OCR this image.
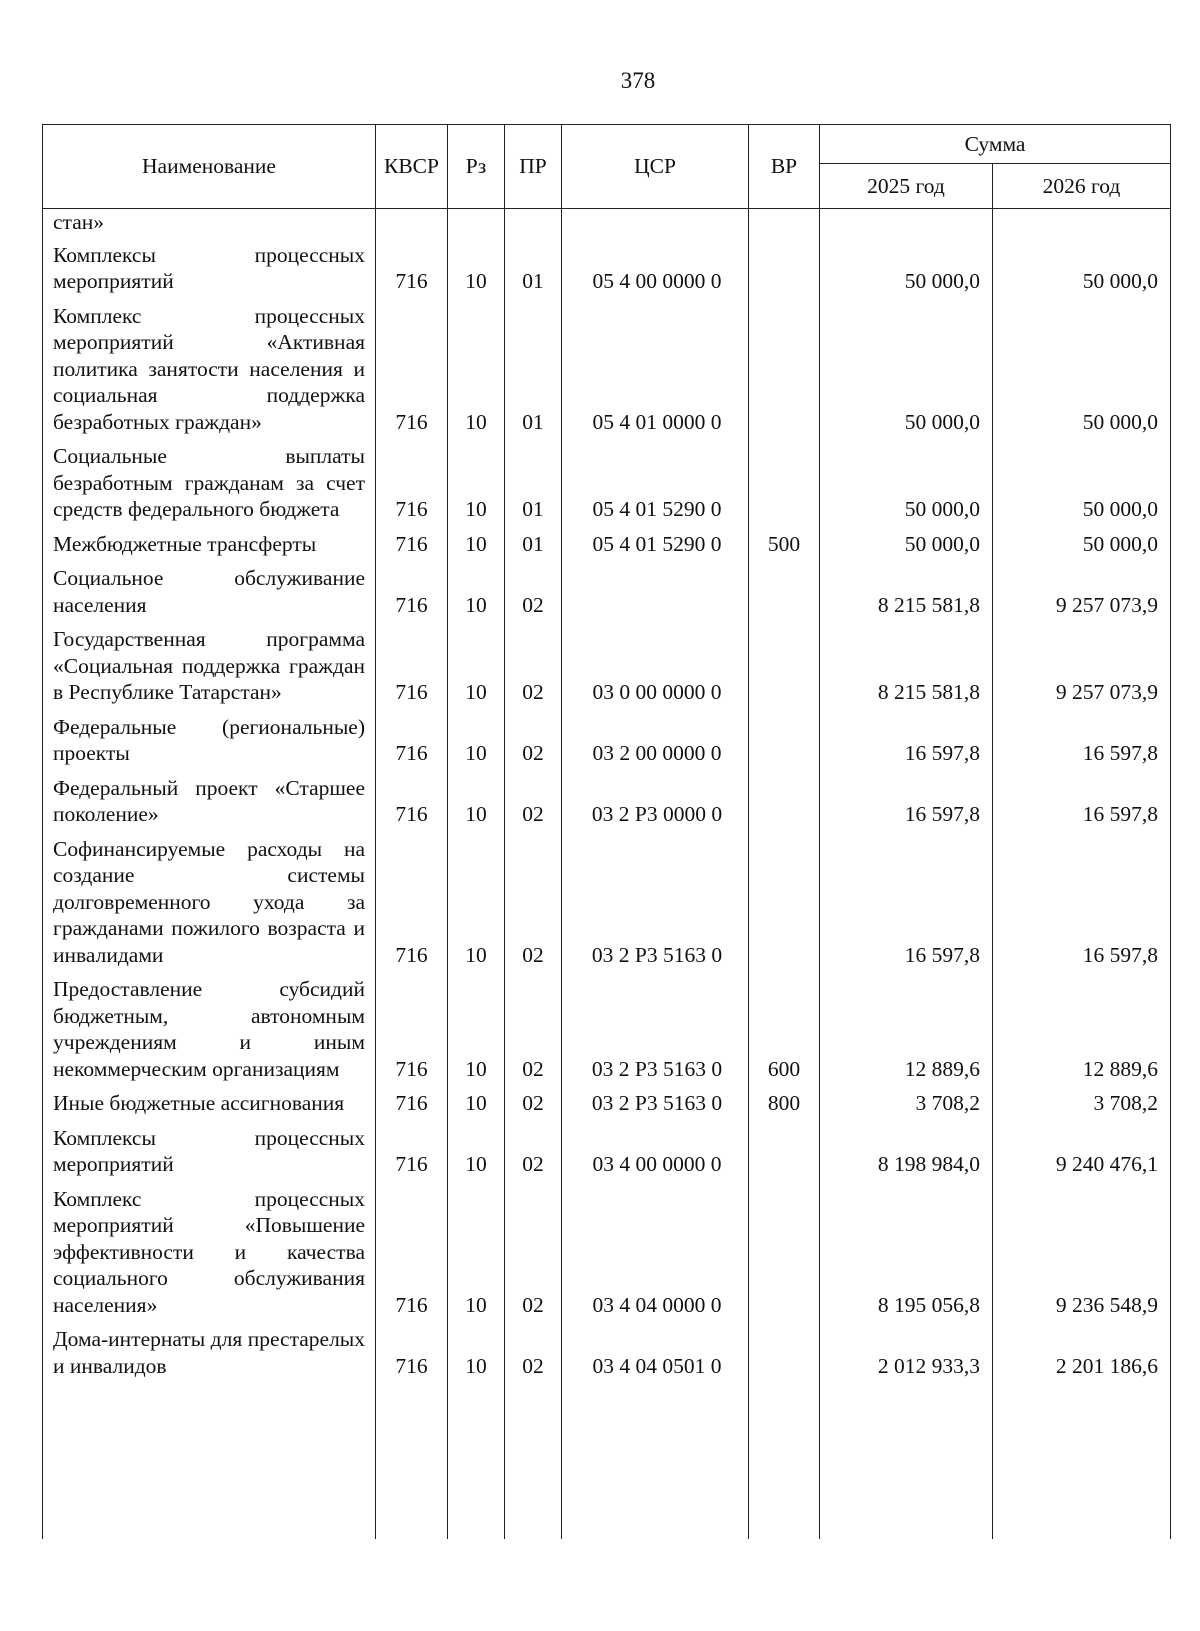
378
Наименование	КВСР	Рз	ПР	ЦСР	ВР	Сумма	
						2025 год	2026 год
стан»							
Комплексы процессных мероприятий	716	10	01	05 4 00 0000 0		50 000,0	50 000,0
Комплекс процессных мероприятий «Активная политика занятости населения и социальная поддержка безработных граждан»	716	10	01	05 4 01 0000 0		50 000,0	50 000,0
Социальные выплаты безработным гражданам за счет средств федерального бюджета	716	10	01	05 4 01 5290 0		50 000,0	50 000,0
Межбюджетные трансферты	716	10	01	05 4 01 5290 0	500	50 000,0	50 000,0
Социальное обслуживание населения	716	10	02			8 215 581,8	9 257 073,9
Государственная программа «Социальная поддержка граждан в Республике Татарстан»	716	10	02	03 0 00 0000 0		8 215 581,8	9 257 073,9
Федеральные (региональные) проекты	716	10	02	03 2 00 0000 0		16 597,8	16 597,8
Федеральный проект «Старшее поколение»	716	10	02	03 2 Р3 0000 0		16 597,8	16 597,8
Софинансируемые расходы на создание системы долговременного ухода за гражданами пожилого возраста и инвалидами	716	10	02	03 2 Р3 5163 0		16 597,8	16 597,8
Предоставление субсидий бюджетным, автономным учреждениям и иным некоммерческим организациям	716	10	02	03 2 Р3 5163 0	600	12 889,6	12 889,6
Иные бюджетные ассигнования	716	10	02	03 2 Р3 5163 0	800	3 708,2	3 708,2
Комплексы процессных мероприятий	716	10	02	03 4 00 0000 0		8 198 984,0	9 240 476,1
Комплекс процессных мероприятий «Повышение эффективности и качества социального обслуживания населения»	716	10	02	03 4 04 0000 0		8 195 056,8	9 236 548,9
Дома-интернаты для престарелых и инвалидов	716	10	02	03 4 04 0501 0		2 012 933,3	2 201 186,6
